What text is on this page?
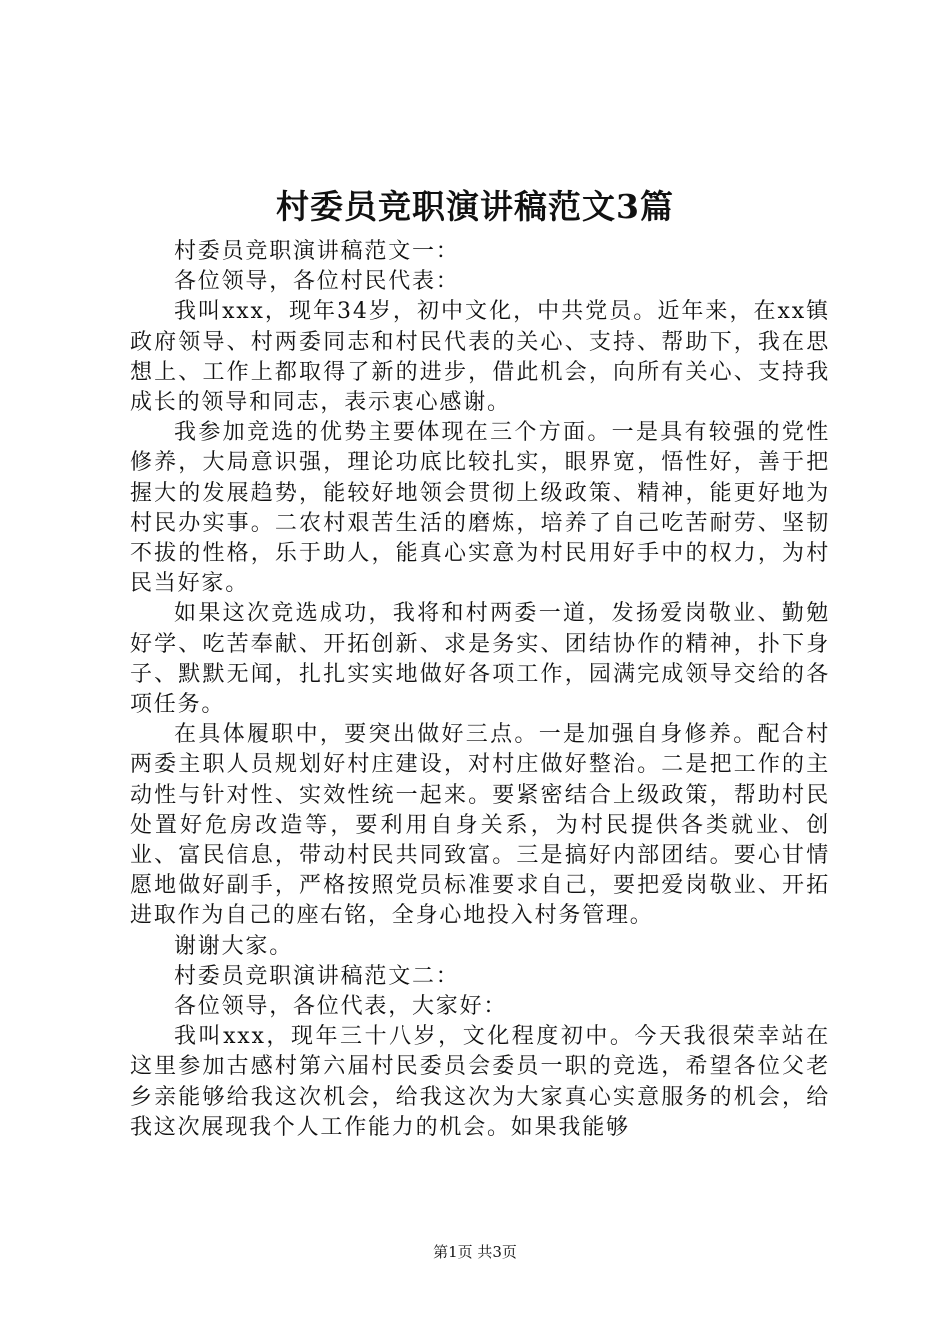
村委员竞职演讲稿范文3篇

村委员竞职演讲稿范文一：

各位领导，各位村民代表：

我叫xxx，现年34岁，初中文化，中共党员。近年来，在xx镇政府领导、村两委同志和村民代表的关心、支持、帮助下，我在思想上、工作上都取得了新的进步，借此机会，向所有关心、支持我成长的领导和同志，表示衷心感谢。

我参加竞选的优势主要体现在三个方面。一是具有较强的党性修养，大局意识强，理论功底比较扎实，眼界宽，悟性好，善于把握大的发展趋势，能较好地领会贯彻上级政策、精神，能更好地为村民办实事。二农村艰苦生活的磨炼，培养了自己吃苦耐劳、坚韧不拔的性格，乐于助人，能真心实意为村民用好手中的权力，为村民当好家。

如果这次竞选成功，我将和村两委一道，发扬爱岗敬业、勤勉好学、吃苦奉献、开拓创新、求是务实、团结协作的精神，扑下身子、默默无闻，扎扎实实地做好各项工作，园满完成领导交给的各项任务。

在具体履职中，要突出做好三点。一是加强自身修养。配合村两委主职人员规划好村庄建设，对村庄做好整治。二是把工作的主动性与针对性、实效性统一起来。要紧密结合上级政策，帮助村民处置好危房改造等，要利用自身关系，为村民提供各类就业、创业、富民信息，带动村民共同致富。三是搞好内部团结。要心甘情愿地做好副手，严格按照党员标准要求自己，要把爱岗敬业、开拓进取作为自己的座右铭，全身心地投入村务管理。

谢谢大家。

村委员竞职演讲稿范文二：

各位领导，各位代表，大家好：

我叫xxx，现年三十八岁，文化程度初中。今天我很荣幸站在这里参加古感村第六届村民委员会委员一职的竞选，希望各位父老乡亲能够给我这次机会，给我这次为大家真心实意服务的机会，给我这次展现我个人工作能力的机会。如果我能够

第1页 共3页
